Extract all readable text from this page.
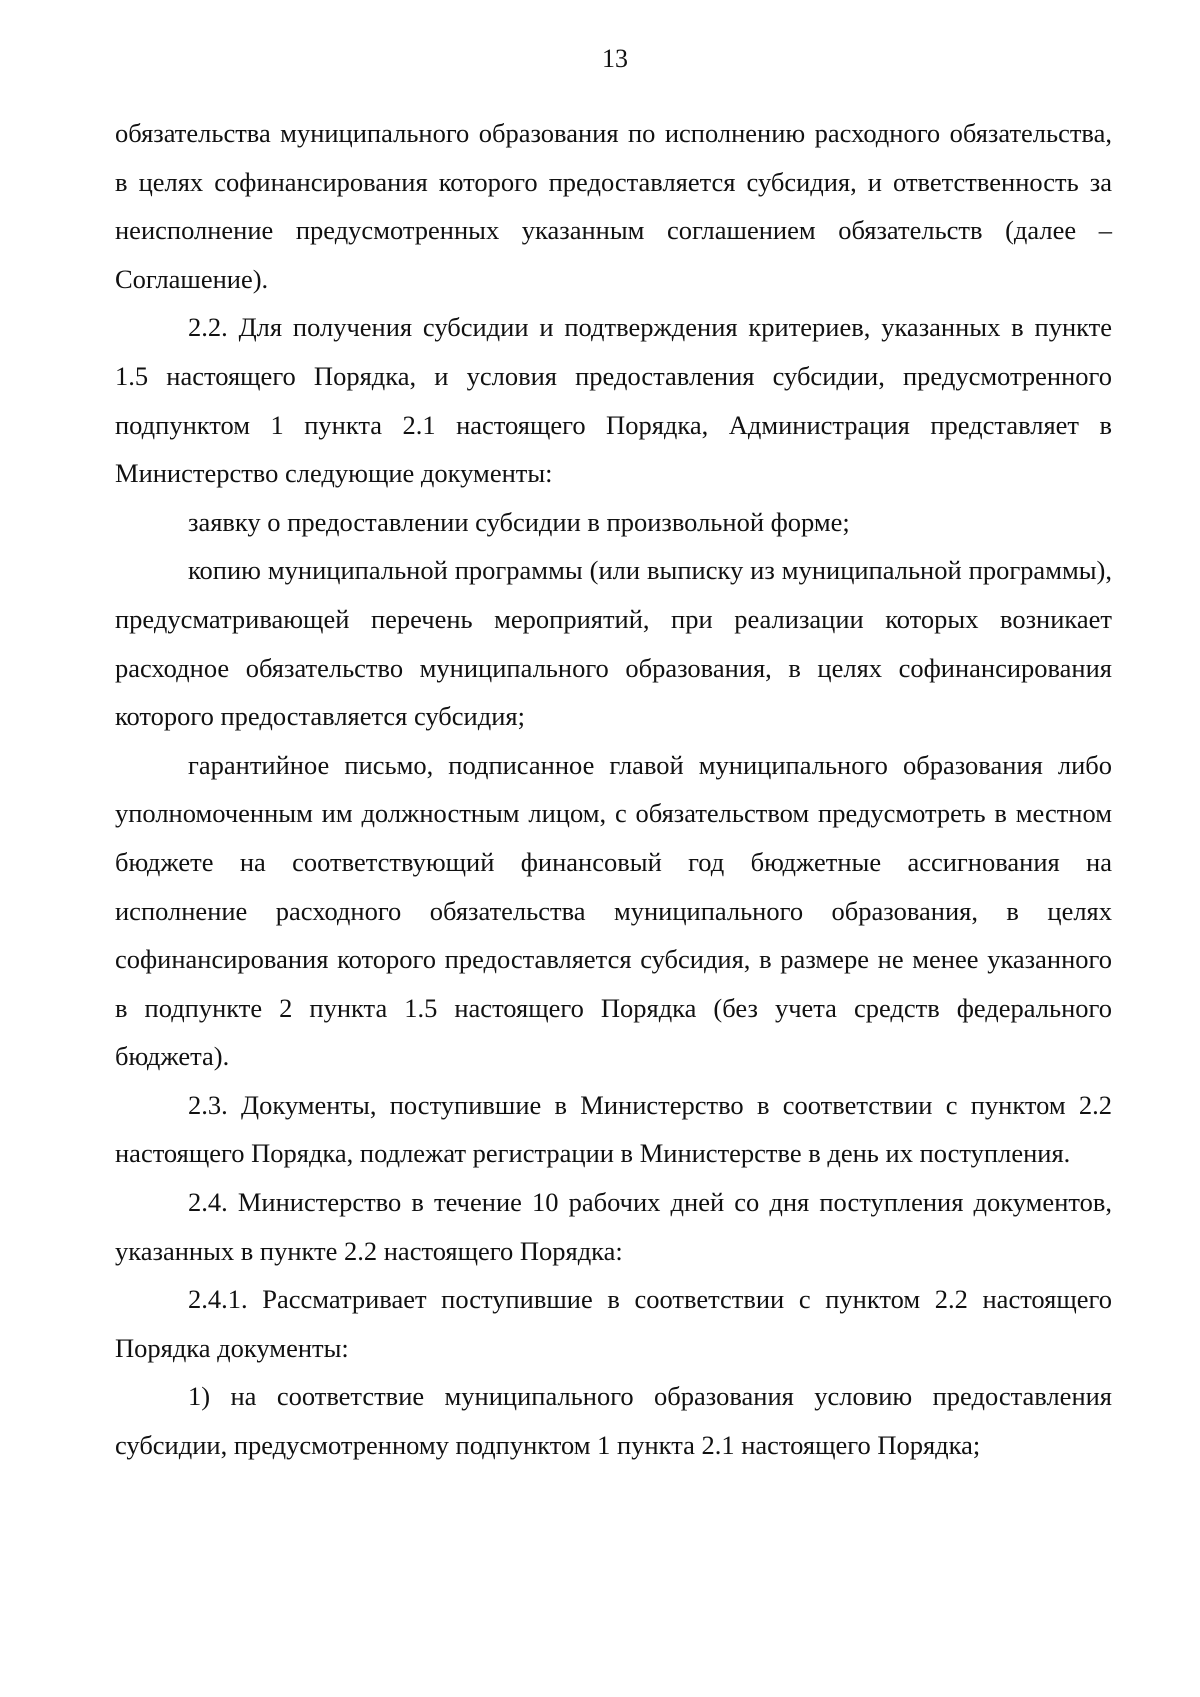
13

обязательства муниципального образования по исполнению расходного обязательства, в целях софинансирования которого предоставляется субсидия, и ответственность за неисполнение предусмотренных указанным соглашением обязательств (далее – Соглашение).

2.2. Для получения субсидии и подтверждения критериев, указанных в пункте 1.5 настоящего Порядка, и условия предоставления субсидии, предусмотренного подпунктом 1 пункта 2.1 настоящего Порядка, Администрация представляет в Министерство следующие документы:

заявку о предоставлении субсидии в произвольной форме;

копию муниципальной программы (или выписку из муниципальной программы), предусматривающей перечень мероприятий, при реализации которых возникает расходное обязательство муниципального образования, в целях софинансирования которого предоставляется субсидия;

гарантийное письмо, подписанное главой муниципального образования либо уполномоченным им должностным лицом, с обязательством предусмотреть в местном бюджете на соответствующий финансовый год бюджетные ассигнования на исполнение расходного обязательства муниципального образования, в целях софинансирования которого предоставляется субсидия, в размере не менее указанного в подпункте 2 пункта 1.5 настоящего Порядка (без учета средств федерального бюджета).

2.3. Документы, поступившие в Министерство в соответствии с пунктом 2.2 настоящего Порядка, подлежат регистрации в Министерстве в день их поступления.

2.4. Министерство в течение 10 рабочих дней со дня поступления документов, указанных в пункте 2.2 настоящего Порядка:

2.4.1. Рассматривает поступившие в соответствии с пунктом 2.2 настоящего Порядка документы:

1) на соответствие муниципального образования условию предоставления субсидии, предусмотренному подпунктом 1 пункта 2.1 настоящего Порядка;
